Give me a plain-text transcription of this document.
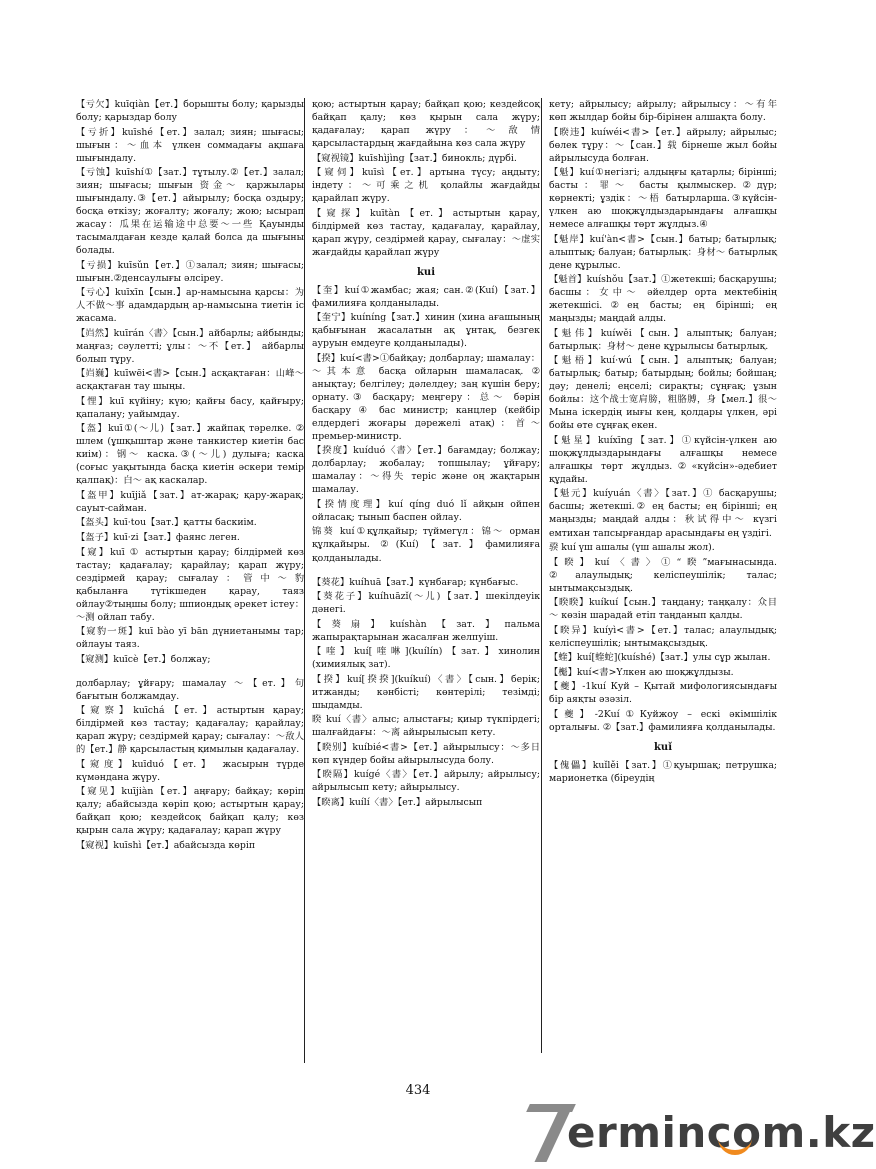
【亏欠】kuīqiàn【ет.】борышты болу; қарызды болу; қарыздар болу

【亏折】kuīshé【ет.】залал; зиян; шығасы; шығын：～血本 үлкен соммадағы ақшаға шығындалу.

【亏蚀】kuīshí①【зат.】тұтылу.②【ет.】залал; зиян; шығасы; шығын 资金～ қаржылары шығындалу.③【ет.】айырылу; босқа оздыру; босқа өткізу; жоғалту; жоғалу; жою; ысырап жасау：瓜果在运输途中总要～一些 Қауынды тасымалдаған кезде қалай болса да шығыны болады.

【亏损】kuīsǔn【ет.】①залал; зиян; шығасы; шығын.②денсаулығы әлсіреу.

【亏心】kuīxīn【сын.】ар-намысына қарсы：为人不做～事 адамдардың ар-намысына тиетін іс жасама.

【岿然】kuīrán〈書〉【сын.】айбарлы; айбынды; маңғаз; сәулетті; ұлы：～不【ет.】 айбарлы болып тұру.

【岿巍】kuīwēi<書>【сын.】асқақтаған：山峰～ асқақтаған тау шыңы.

【悝】kuī күйіну; күю; қайғы басу, қайғыру; қапалану; уайымдау.

【盔】kuī①(～儿)【зат.】жайпақ тәрелке. ② шлем (ұшқыштар және танкистер киетін бас киім)：钢～ каска.③(～儿) дулыға; каска (соғыс уақытында басқа киетін әскери темір қалпақ)：白～ ақ каскалар.

【盔甲】kuījiǎ【зат.】ат-жарақ; қару-жарақ; сауыт-сайман.

【盔头】kuī·tou【зат.】қатты баскиім.

【盔子】kuī·zi【зат.】фаянс леген.

【窥】kuī ① астыртын қарау; білдірмей көз тастау; қадағалау; қарайлау; қарап жүру; сездірмей қарау; сығалау：管中～豹 қабыланға түтікшеден қарау, таяз ойлау②тыңшы болу; шпиондық әрекет істеу：～测 ойлап табу.

【窥豹一斑】kuī bào yī bān дүниетанымы тар; ойлауы таяз.

【窥测】kuīcè【ет.】болжау;

долбарлау; ұйғару; шамалау ～【ет.】句 бағытын болжамдау.

【窥察】kuīchá【ет.】астыртын қарау; білдірмей көз тастау; қадағалау; қарайлау; қарап жүру; сездірмей қарау; сығалау：～敌人的【ет.】静 қарсыластың қимылын қадағалау.

【窥度】kuīduó【ет.】 жасырын түрде күмәндана жүру.

【窥见】kuījiàn【ет.】аңғару; байқау; көріп қалу; абайсызда көріп қою; астыртын қарау; байқап қою; кездейсоқ байқап қалу; көз қырын сала жүру; қадағалау; қарап жүру

【窥视】kuīshì【ет.】абайсызда көріп

қою; астыртын қарау; байқап қою; кездейсоқ байқап қалу; көз қырын сала жүру; қадағалау; қарап жүру：～敌情 қарсыластардың жағдайына көз сала жүру

【窥视镜】kuīshìjìng【зат.】бинокль; дүрбі.

【窥伺】kuīsì【ет.】артына түсу; аңдыту; індету：～可乘之机 қолайлы жағдайды қарайлап жүру.

【窥探】kuītàn【ет.】астыртын қарау, білдірмей көз тастау, қадағалау, қарайлау, қарап жүру, сездірмей қарау, сығалау：～虚实 жағдайды қарайлап жүру

kui

【奎】kuí①жамбас; жая; сан.②(Kuí)【зат.】фамилияға қолданылады.

【奎宁】kuíníng【зат.】хинин (хина ағашының қабығынан жасалатын ақ ұнтақ, безгек ауруын емдеуге қолданылады).

【揆】kuí<書>①байқау; долбарлау; шамалау：～其本意 басқа ойларын шамаласақ. ② анықтау; белгілеу; дәлелдеу; заң күшін беру; орнату.③ басқару; меңгеру：总～ бәрін басқару ④ бас министр; канцлер (кейбір елдердегі жоғары дәрежелі атақ)：首～ премьер-министр.

【揆度】kuíduó〈書〉【ет.】бағамдау; болжау; долбарлау; жобалау; топшылау; ұйғару; шамалау：～得失 теріс және оң жақтарын шамалау.

【揆情度理】kuí qíng duó lǐ айқын ойпен ойласақ; тынып баспен ойлау.

锦葵 kuí①құлқайыр; түймегүл：锦～ орман құлқайыры. ②(Kuí)【зат.】фамилияға қолданылады.

【葵花】kuíhuā【зат.】күнбағар; күнбағыс.

【葵花子】kuíhuāzǐ(～儿)【зат.】шекілдеуік дәнегі.

【葵扇】kuíshàn【зат.】пальма жапырақтарынан жасалған желпуіш.

【喹】kuí[喹啉](kuílín)【зат.】хинолин (химиялық зат).

【揆】kuí[揆揆](kuíkuí)〈書〉【сын.】берік; итжанды; кәнбісті; көнтерілі; тезімді; шыдамды.

睽 kuí〈書〉алыс; алыстағы; қиыр түкпірдегі; шалғайдағы：～离 айырылысып кету.

【睽别】kuíbié<書>【ет.】айырылысу：～多日 көп күндер бойы айырылысуда болу.

【睽隔】kuígé〈書〉【ет.】айрылу; айрылысу; айрылысып кету; айырылысу.

【睽离】kuílí〈書〉【ет.】айрылысып

кету; айрылысу; айрылу; айрылысу：～有年 көп жылдар бойы бір-бірінен алшақта болу.

【睽违】kuíwéi<書>【ет.】айрылу; айрылыс; бөлек тұру：～【сан.】载 бірнеше жыл бойы айрылысуда болған.

【魁】kuí①негізгі; алдыңғы қатарлы; бірінші; басты：罪～ басты қылмыскер.②дүр; көрнекті; ұздік：～梧 батырларша.③күйсін-үлкен аю шоқжұлдыздарындағы алғашқы немесе алғашқы төрт жұлдыз.④

【魁岸】kuí'àn<書>【сын.】батыр; батырлық; алыптық; балуан; батырлық：身材～ батырлық дене құрылыс.

【魁首】kuíshǒu【зат.】①жетекші; басқарушы; басшы：女中～ әйелдер орта мектебінің жетекшісі.②ең басты; ең бірінші; ең маңызды; маңдай алды.

【魁伟】kuíwěi【сын.】алыптық; балуан; батырлық：身材～ дене құрылысы батырлық.

【魁梧】kuí·wú【сын.】алыптық; балуан; батырлық; батыр; батырдың; бойлы; бойшаң; дәу; денелі; еңселі; сирақты; сұңғақ; ұзын бойлы：这个战士宽肩膀，粗胳膊，身【мел.】很～ Мына іскердің иығы кең, қолдары үлкен, әрі бойы өте сұңғақ екен.

【魁星】kuíxīng【зат.】①күйсін-үлкен аю шоқжұлдыздарындағы алғашқы немесе алғашқы төрт жұлдыз.②«күйсін»-әдебиет құдайы.

【魁元】kuíyuán〈書〉【зат.】① басқарушы; басшы; жетекші.② ең басты; ең бірінші; ең маңызды; маңдай алды：秋试得中～ күзгі емтихан тапсырғандар арасындағы ең үздігі.

骙 kuí үш ашалы (үш ашалы жол).

【睽】kuí〈書〉①“睽”мағынасында. ②алаулыдық; келіспеушілік; талас; ынтымақсыздық.

【睽睽】kuíkuí【сын.】таңдану; таңқалу：众目～ көзін шарадай етіп таңданып қалды.

【睽异】kuíyì<書>【ет.】талас; алаулыдық; келіспеушілік; ынтымақсыздық.

【蝰】kuí[蝰蛇](kuíshé)【зат.】улы сұр жылан.

【櫆】kuí<書>Үлкен аю шоқжұлдызы.

【夔】-1kuí Куй – Қытай мифологиясындағы бір аяқты әзәзіл.

【夔】-2Kuí①Куйжоу – ескі әкімшілік орталығы. ②【зат.】фамилияға қолданылады.

kuǐ

【傀儡】kuǐlěi【зат.】①қуыршақ; петрушка; марионетка (біреудің

434
ermincom.kz
